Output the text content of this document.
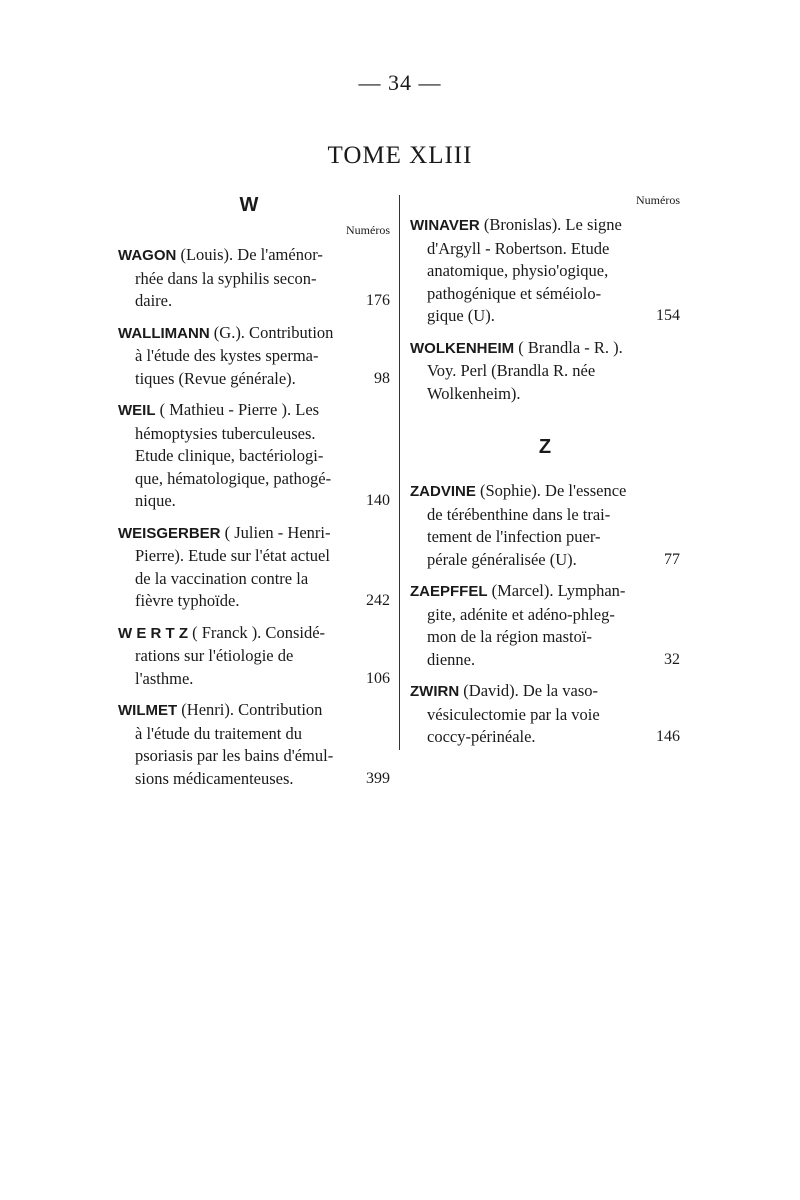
— 34 —
TOME XLIII
W
Numéros
WAGON (Louis). De l'aménor-
rhée dans la syphilis secon-
daire.	176
WALLIMANN (G.). Contribution
à l'étude des kystes sperma-
tiques (Revue générale).	98
WEIL ( Mathieu - Pierre ). Les
hémoptysies tuberculeuses.
Etude clinique, bactériologi-
que, hématologique, pathogé-
nique.	140
WEISGERBER ( Julien - Henri-
Pierre). Etude sur l'état actuel
de la vaccination contre la
fièvre typhoïde.	242
W E R T Z ( Franck ). Considé-
rations sur l'étiologie de
l'asthme.	106
WILMET (Henri). Contribution
à l'étude du traitement du
psoriasis par les bains d'émul-
sions médicamenteuses.	399
Numéros
WINAVER (Bronislas). Le signe
d'Argyll - Robertson. Etude
anatomique, physio'ogique,
pathogénique et séméiolo-
gique (U).	154
WOLKENHEIM ( Brandla - R. ).
Voy. Perl (Brandla R. née
Wolkenheim).
Z
ZADVINE (Sophie). De l'essence
de térébenthine dans le trai-
tement de l'infection puer-
pérale généralisée (U).	77
ZAEPFFEL (Marcel). Lymphan-
gite, adénite et adéno-phleg-
mon de la région mastoï-
dienne.	32
ZWIRN (David). De la vaso-
vésiculectomie par la voie
coccy-périnéale.	146
